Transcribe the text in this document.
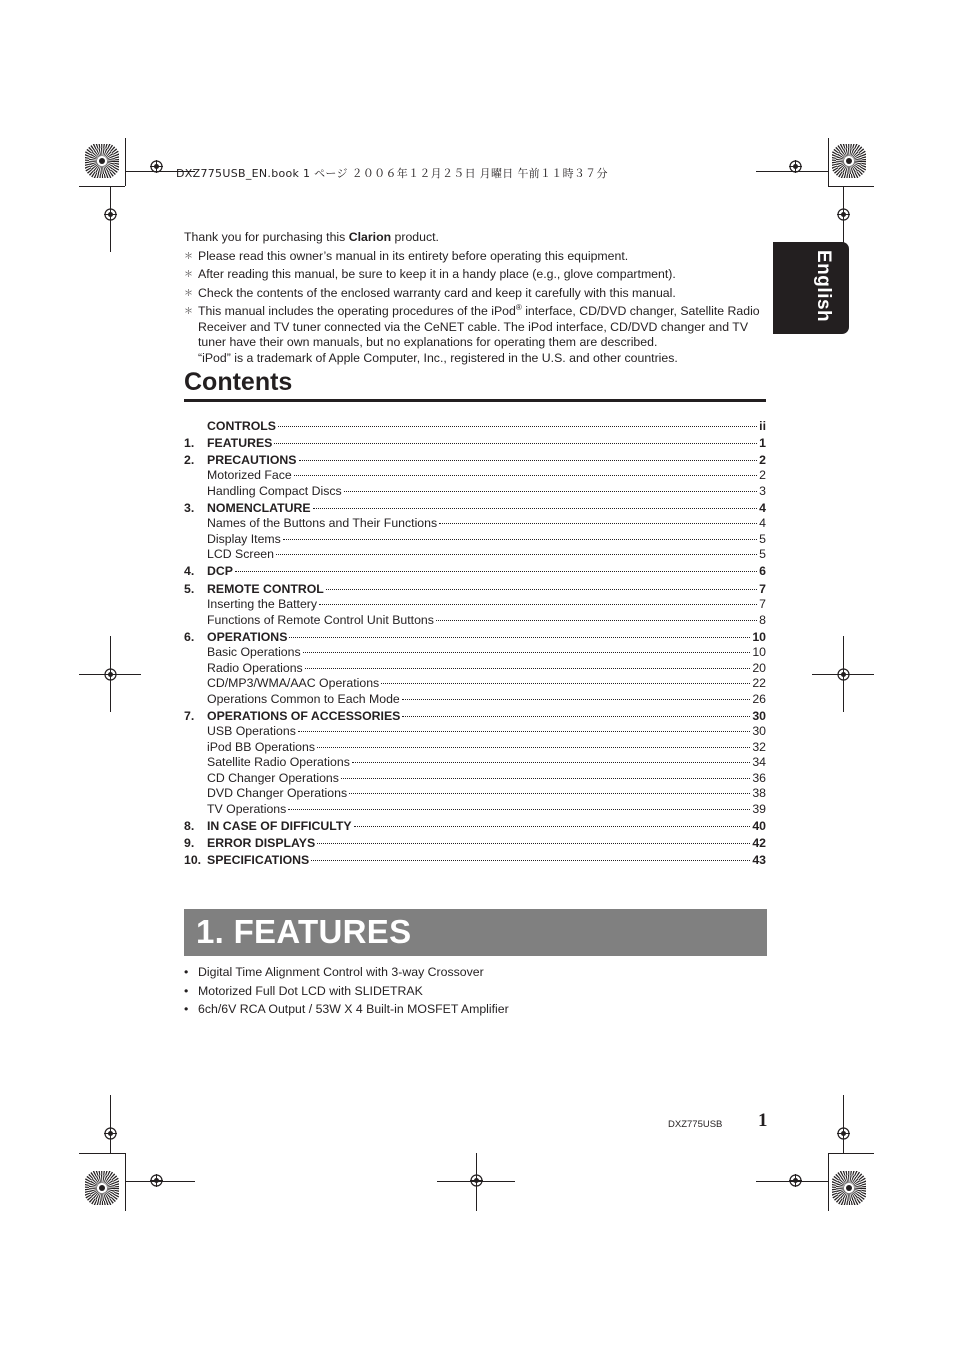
DXZ775USB_EN.book 1 ページ ２００６年１２月２５日 月曜日 午前１１時３７分
English

Thank you for purchasing this Clarion product.

＊ Please read this owner’s manual in its entirety before operating this equipment.
＊ After reading this manual, be sure to keep it in a handy place (e.g., glove compartment).
＊ Check the contents of the enclosed warranty card and keep it carefully with this manual.
＊ This manual includes the operating procedures of the iPod® interface, CD/DVD changer, Satellite Radio Receiver and TV tuner connected via the CeNET cable. The iPod interface, CD/DVD changer and TV tuner have their own manuals, but no explanations for operating them are described.
“iPod” is a trademark of Apple Computer, Inc., registered in the U.S. and other countries.
Contents
CONTROLS	ii
1.	FEATURES	1
2.	PRECAUTIONS	2
Motorized Face	2
Handling Compact Discs	3
3.	NOMENCLATURE	4
Names of the Buttons and Their Functions	4
Display Items	5
LCD Screen	5
4.	DCP	6
5.	REMOTE CONTROL	7
Inserting the Battery	7
Functions of Remote Control Unit Buttons	8
6.	OPERATIONS	10
Basic Operations	10
Radio Operations	20
CD/MP3/WMA/AAC Operations	22
Operations Common to Each Mode	26
7.	OPERATIONS OF ACCESSORIES	30
USB Operations	30
iPod BB Operations	32
Satellite Radio Operations	34
CD Changer Operations	36
DVD Changer Operations	38
TV Operations	39
8.	IN CASE OF DIFFICULTY	40
9.	ERROR DISPLAYS	42
10. SPECIFICATIONS	43
1. FEATURES
• Digital Time Alignment Control with 3-way Crossover
• Motorized Full Dot LCD with SLIDETRAK
• 6ch/6V RCA Output / 53W X 4 Built-in MOSFET Amplifier
DXZ775USB 1
